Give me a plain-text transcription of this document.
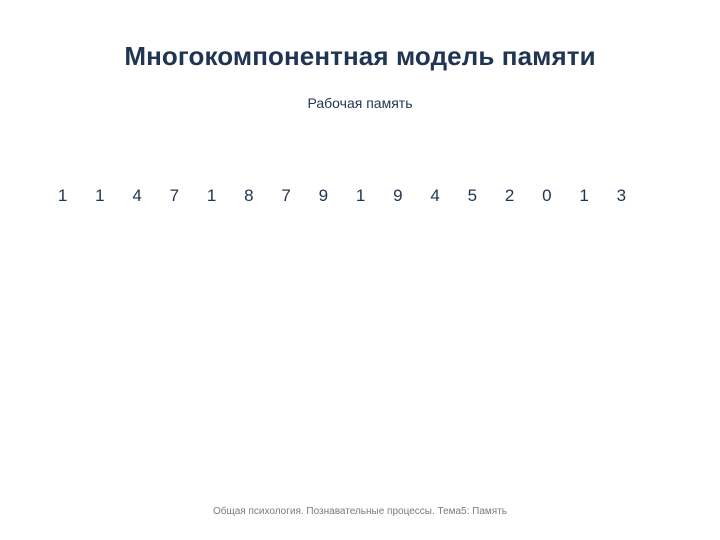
Многокомпонентная модель памяти
Рабочая память
1	1	4	7	1	8	7	9	1	9	4	5	2	0	1	3
Общая психология. Познавательные процессы. Тема5: Память
